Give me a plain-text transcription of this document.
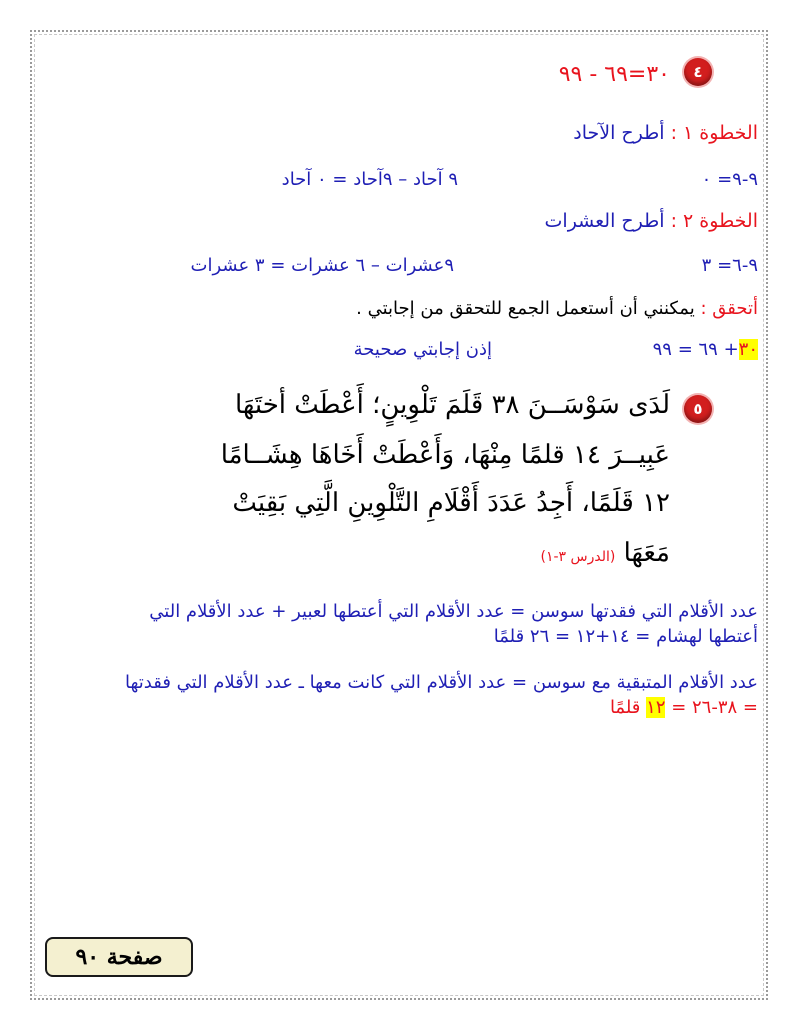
٤
٣٠=٦٩ - ٩٩
الخطوة ١ : أطرح الآحاد
٩-٩= ٠
٩ آحاد – ٩آحاد = ٠ آحاد
الخطوة ٢ : أطرح العشرات
٩-٦= ٣
٩عشرات – ٦ عشرات = ٣ عشرات
أتحقق : يمكنني أن أستعمل الجمع للتحقق من إجابتي .
٣٠+ ٦٩ = ٩٩
إذن إجابتي صحيحة
٥
لَدَى سَوْسَــنَ ٣٨ قَلَمَ تَلْوِينٍ؛ أَعْطَتْ أختَهَا
عَبِيــرَ ١٤ قلمًا مِنْهَا، وَأَعْطَتْ أَخَاهَا هِشَــامًا
١٢ قَلَمًا، أَجِدُ عَدَدَ أَقْلَامِ التَّلْوِينِ الَّتِي بَقِيَتْ
مَعَهَا (الدرس ٣-١)
عدد الأقلام التي فقدتها سوسن = عدد الأقلام التي أعتطها لعبير + عدد الأقلام التي
أعتطها لهشام = ١٤+١٢ = ٢٦ قلمًا
عدد الأقلام المتبقية مع سوسن = عدد الأقلام التي كانت معها ـ عدد الأقلام التي فقدتها
= ٣٨-٢٦ = ١٢ قلمًا
صفحة ٩٠
